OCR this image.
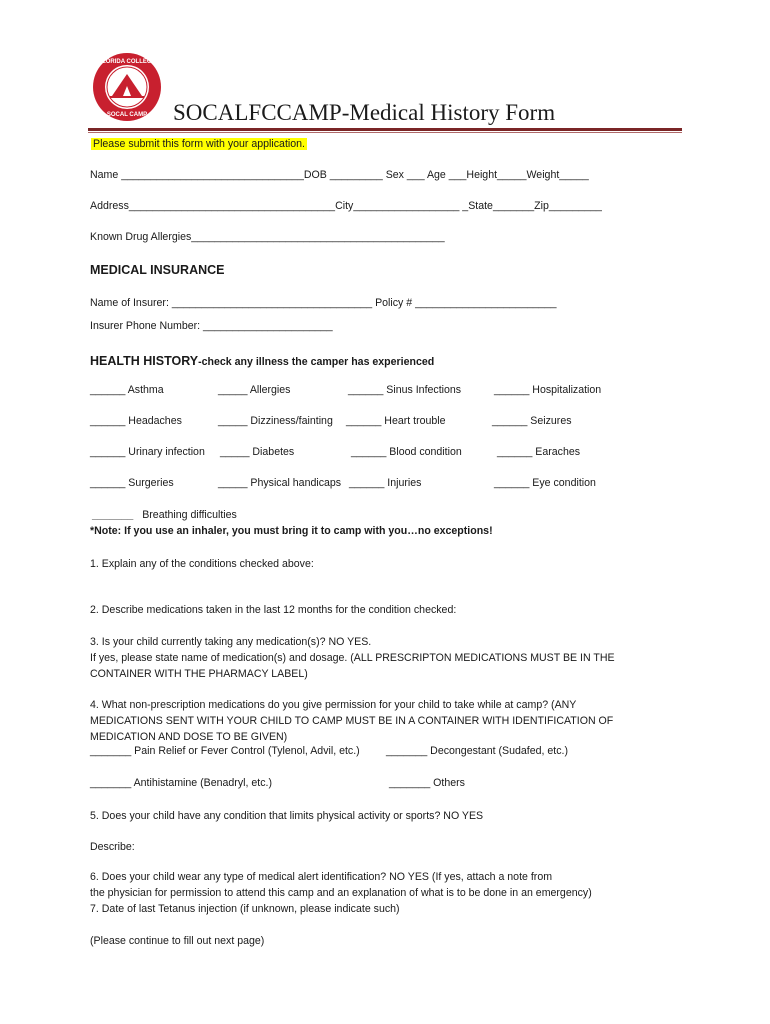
FLORIDA COLLEGE
SOCAL CAMP SOCALFCCAMP-Medical History Form
Please submit this form with your application.
Name _______________________________DOB _________ Sex ___ Age ___Height_____Weight_____
Address___________________________________City__________________ _State_______Zip_________
Known Drug Allergies___________________________________________
MEDICAL INSURANCE
Name of Insurer: __________________________________ Policy # ________________________
Insurer Phone Number: ______________________
HEALTH HISTORY-check any illness the camper has experienced
______ Asthma	_____ Allergies	______ Sinus Infections	______ Hospitalization
______ Headaches	_____ Dizziness/fainting ______ Heart trouble	______ Seizures
______ Urinary infection _____ Diabetes	______ Blood condition	______ Earaches
______ Surgeries	_____ Physical handicaps ______ Injuries	______ Eye condition
_______ Breathing difficulties
*Note: If you use an inhaler, you must bring it to camp with you…no exceptions!
1. Explain any of the conditions checked above:
2. Describe medications taken in the last 12 months for the condition checked:
3. Is your child currently taking any medication(s)? NO YES.
If yes, please state name of medication(s) and dosage. (ALL PRESCRIPTON MEDICATIONS MUST BE IN THE
CONTAINER WITH THE PHARMACY LABEL)
4. What non-prescription medications do you give permission for your child to take while at camp? (ANY
MEDICATIONS SENT WITH YOUR CHILD TO CAMP MUST BE IN A CONTAINER WITH IDENTIFICATION OF
MEDICATION AND DOSE TO BE GIVEN)
_______ Pain Relief or Fever Control (Tylenol, Advil, etc.) _______ Decongestant (Sudafed, etc.)
_______ Antihistamine (Benadryl, etc.)	_______ Others
5. Does your child have any condition that limits physical activity or sports? NO YES
Describe:
6. Does your child wear any type of medical alert identification? NO YES (If yes, attach a note from
the physician for permission to attend this camp and an explanation of what is to be done in an emergency)
7. Date of last Tetanus injection (if unknown, please indicate such)
(Please continue to fill out next page)
